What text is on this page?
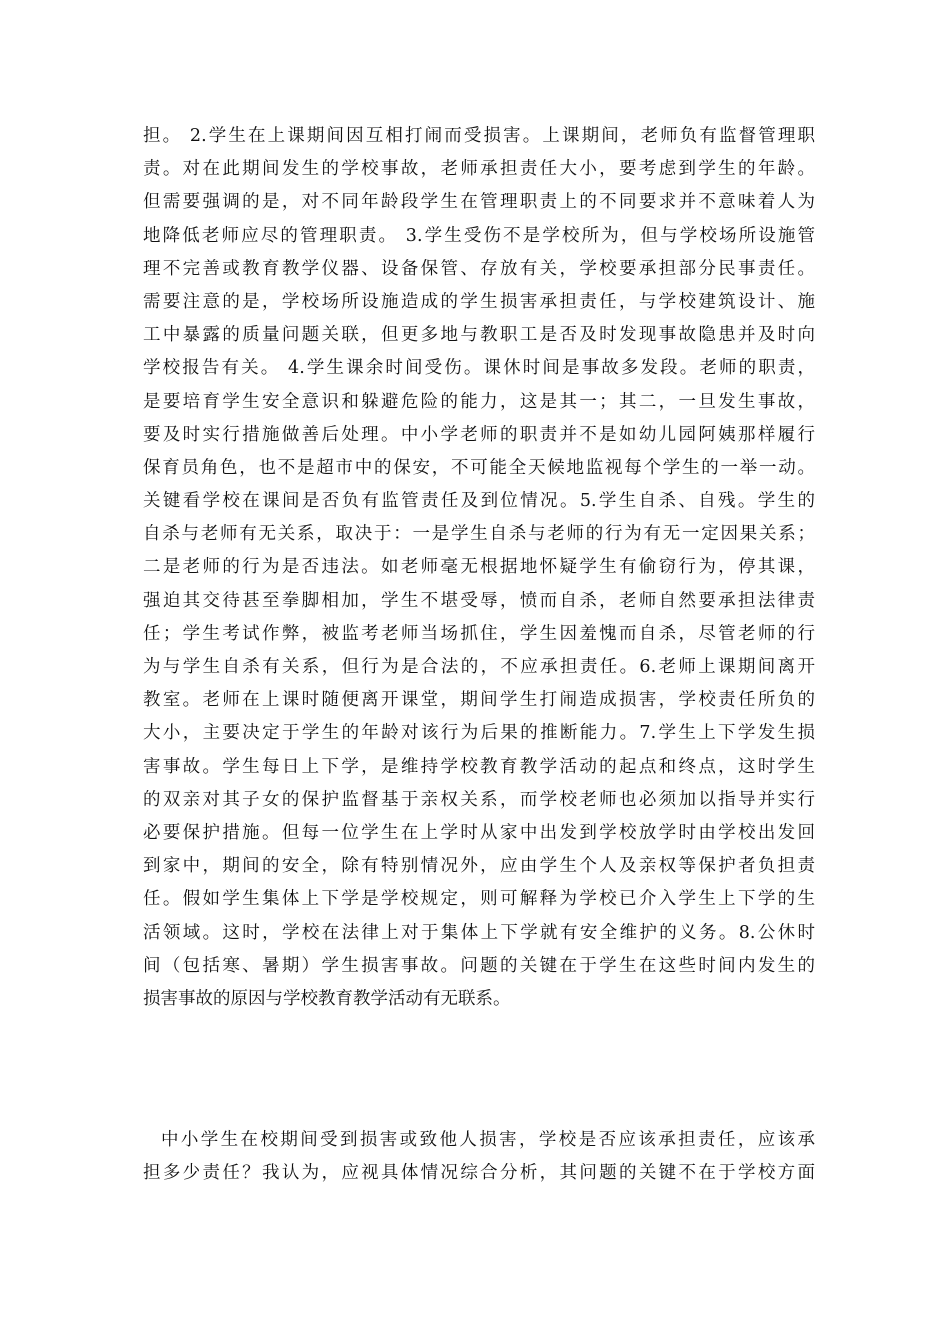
担。 2.学生在上课期间因互相打闹而受损害。上课期间，老师负有监督管理职
责。对在此期间发生的学校事故，老师承担责任大小，要考虑到学生的年龄。
但需要强调的是，对不同年龄段学生在管理职责上的不同要求并不意味着人为
地降低老师应尽的管理职责。 3.学生受伤不是学校所为，但与学校场所设施管
理不完善或教育教学仪器、设备保管、存放有关，学校要承担部分民事责任。
需要注意的是，学校场所设施造成的学生损害承担责任，与学校建筑设计、施
工中暴露的质量问题关联，但更多地与教职工是否及时发现事故隐患并及时向
学校报告有关。 4.学生课余时间受伤。课休时间是事故多发段。老师的职责，
是要培育学生安全意识和躲避危险的能力，这是其一；其二，一旦发生事故，
要及时实行措施做善后处理。中小学老师的职责并不是如幼儿园阿姨那样履行
保育员角色，也不是超市中的保安，不可能全天候地监视每个学生的一举一动。
关键看学校在课间是否负有监管责任及到位情况。5.学生自杀、自残。学生的
自杀与老师有无关系，取决于：一是学生自杀与老师的行为有无一定因果关系；
二是老师的行为是否违法。如老师毫无根据地怀疑学生有偷窃行为，停其课，
强迫其交待甚至拳脚相加，学生不堪受辱，愤而自杀，老师自然要承担法律责
任；学生考试作弊，被监考老师当场抓住，学生因羞愧而自杀，尽管老师的行
为与学生自杀有关系，但行为是合法的，不应承担责任。6.老师上课期间离开
教室。老师在上课时随便离开课堂，期间学生打闹造成损害，学校责任所负的
大小，主要决定于学生的年龄对该行为后果的推断能力。7.学生上下学发生损
害事故。学生每日上下学，是维持学校教育教学活动的起点和终点，这时学生
的双亲对其子女的保护监督基于亲权关系，而学校老师也必须加以指导并实行
必要保护措施。但每一位学生在上学时从家中出发到学校放学时由学校出发回
到家中，期间的安全，除有特别情况外，应由学生个人及亲权等保护者负担责
任。假如学生集体上下学是学校规定，则可解释为学校已介入学生上下学的生
活领域。这时，学校在法律上对于集体上下学就有安全维护的义务。8.公休时
间（包括寒、暑期）学生损害事故。问题的关键在于学生在这些时间内发生的
损害事故的原因与学校教育教学活动有无联系。
中小学生在校期间受到损害或致他人损害，学校是否应该承担责任，应该承
担多少责任？我认为，应视具体情况综合分析，其问题的关键不在于学校方面
